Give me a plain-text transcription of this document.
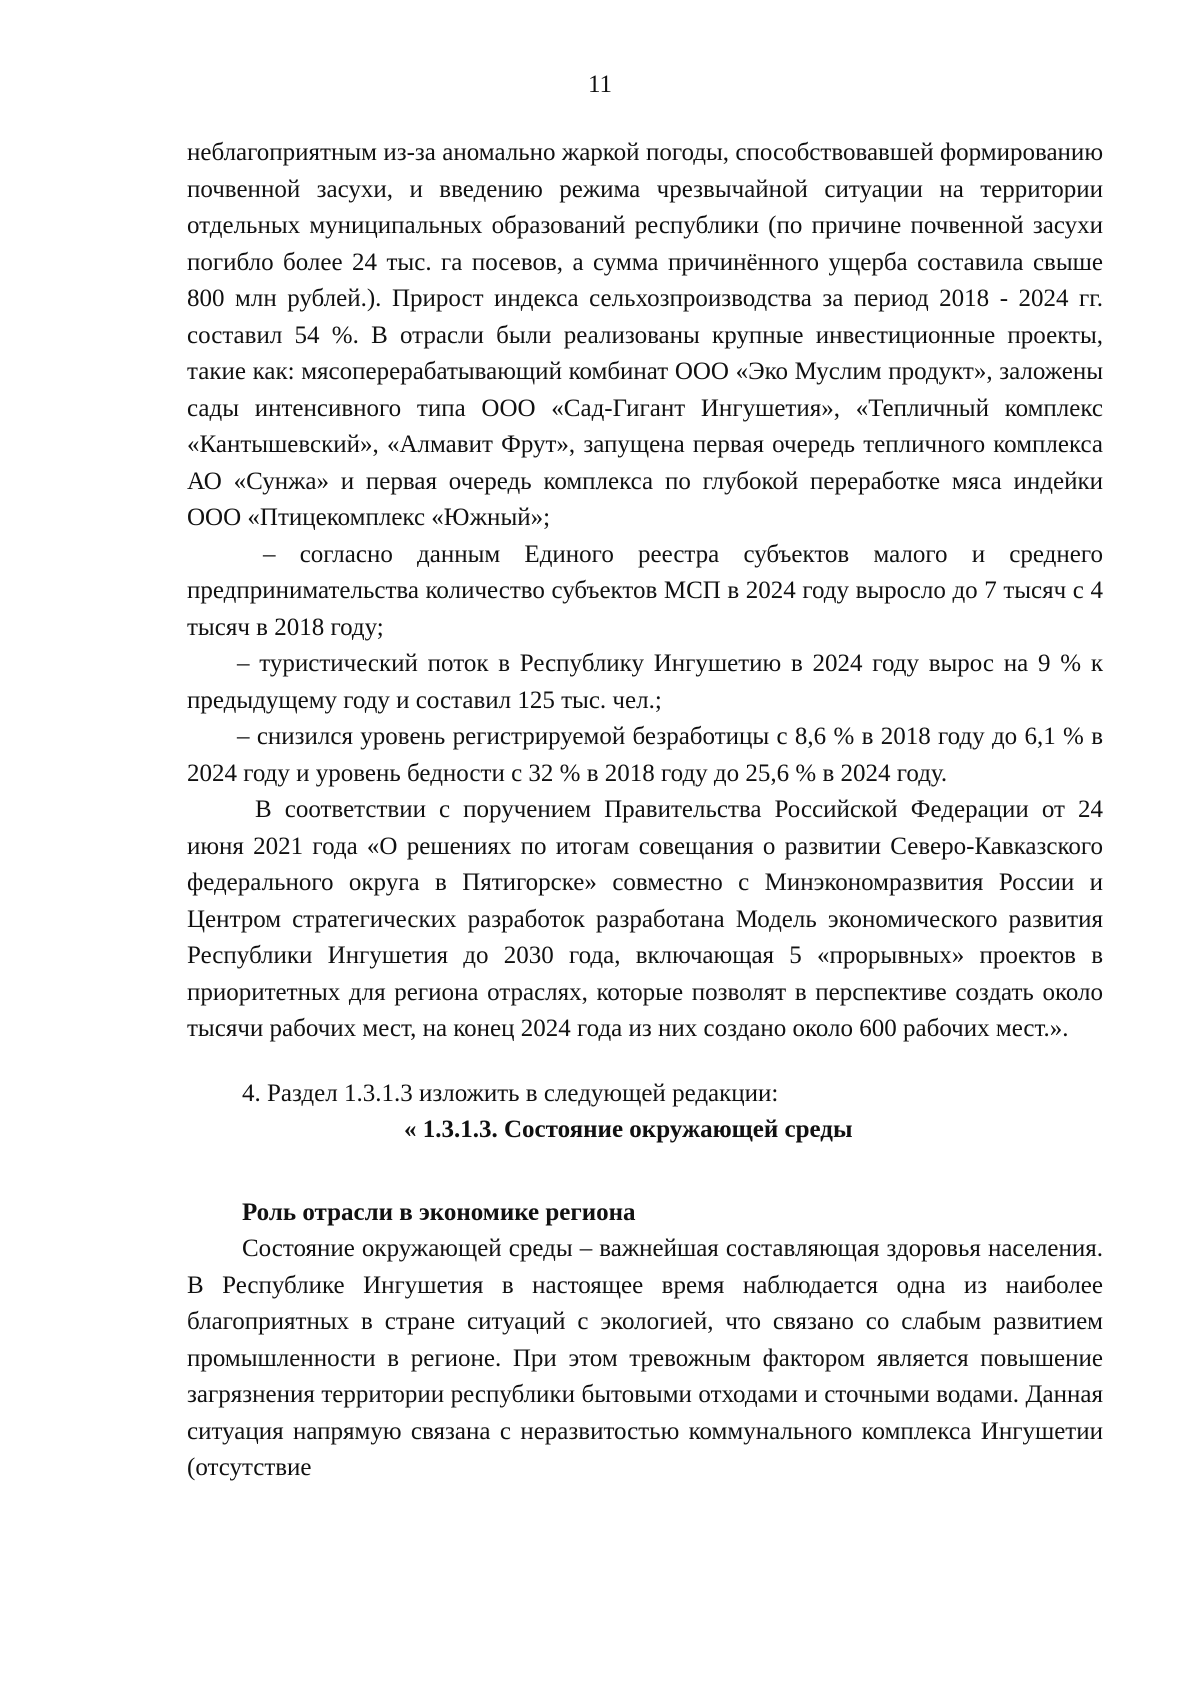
11

неблагоприятным из-за аномально жаркой погоды, способствовавшей формированию почвенной засухи, и введению режима чрезвычайной ситуации на территории отдельных муниципальных образований республики (по причине почвенной засухи погибло более 24 тыс. га посевов, а сумма причинённого ущерба составила свыше 800 млн рублей.). Прирост индекса сельхозпроизводства за период 2018 - 2024 гг. составил 54 %. В отрасли были реализованы крупные инвестиционные проекты, такие как: мясоперерабатывающий комбинат ООО «Эко Муслим продукт», заложены сады интенсивного типа ООО «Сад-Гигант Ингушетия», «Тепличный комплекс «Кантышевский», «Алмавит Фрут», запущена первая очередь тепличного комплекса АО «Сунжа» и первая очередь комплекса по глубокой переработке мяса индейки ООО «Птицекомплекс «Южный»;

– согласно данным Единого реестра субъектов малого и среднего предпринимательства количество субъектов МСП в 2024 году выросло до 7 тысяч с 4 тысяч в 2018 году;

– туристический поток в Республику Ингушетию в 2024 году вырос на 9 % к предыдущему году и составил 125 тыс. чел.;

– снизился уровень регистрируемой безработицы с 8,6 % в 2018 году до 6,1 % в 2024 году и уровень бедности с 32 % в 2018 году до 25,6 % в 2024 году.

В соответствии с поручением Правительства Российской Федерации от 24 июня 2021 года «О решениях по итогам совещания о развитии Северо-Кавказского федерального округа в Пятигорске» совместно с Минэкономразвития России и Центром стратегических разработок разработана Модель экономического развития Республики Ингушетия до 2030 года, включающая 5 «прорывных» проектов в приоритетных для региона отраслях, которые позволят в перспективе создать около тысячи рабочих мест, на конец 2024 года из них создано около 600 рабочих мест.».

4. Раздел 1.3.1.3 изложить в следующей редакции:

« 1.3.1.3. Состояние окружающей среды

Роль отрасли в экономике региона

Состояние окружающей среды – важнейшая составляющая здоровья населения. В Республике Ингушетия в настоящее время наблюдается одна из наиболее благоприятных в стране ситуаций с экологией, что связано со слабым развитием промышленности в регионе. При этом тревожным фактором является повышение загрязнения территории республики бытовыми отходами и сточными водами. Данная ситуация напрямую связана с неразвитостью коммунального комплекса Ингушетии (отсутствие
